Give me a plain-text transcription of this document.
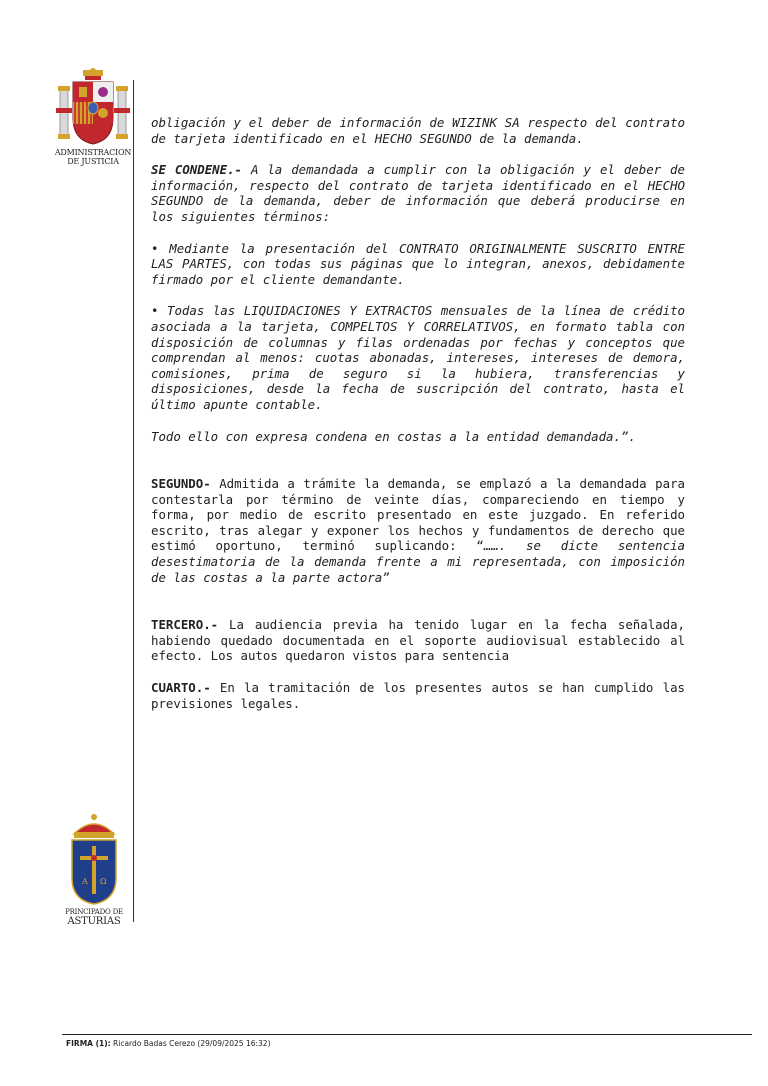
ADMINISTRACION
DE JUSTICIA

obligación y el deber de información de WIZINK SA respecto del contrato de tarjeta identificado en el HECHO SEGUNDO de la demanda.

SE CONDENE.- A la demandada a cumplir con la obligación y el deber de información, respecto del contrato de tarjeta identificado en el HECHO SEGUNDO de la demanda, deber de información que deberá producirse en los siguientes términos:

• Mediante la presentación del CONTRATO ORIGINALMENTE SUSCRITO ENTRE LAS PARTES, con todas sus páginas que lo integran, anexos, debidamente firmado por el cliente demandante.

• Todas las LIQUIDACIONES Y EXTRACTOS mensuales de la línea de crédito asociada a la tarjeta, COMPELTOS Y CORRELATIVOS, en formato tabla con disposición de columnas y filas ordenadas por fechas y conceptos que comprendan al menos: cuotas abonadas, intereses, intereses de demora, comisiones, prima de seguro si la hubiera, transferencias y disposiciones, desde la fecha de suscripción del contrato, hasta el último apunte contable.

Todo ello con expresa condena en costas a la entidad demandada.”.

SEGUNDO- Admitida a trámite la demanda, se emplazó a la demandada para contestarla por término de veinte días, compareciendo en tiempo y forma, por medio de escrito presentado en este juzgado. En referido escrito, tras alegar y exponer los hechos y fundamentos de derecho que estimó oportuno, terminó suplicando: “……. se dicte sentencia desestimatoria de la demanda frente a mi representada, con imposición de las costas a la parte actora”

TERCERO.- La audiencia previa ha tenido lugar en la fecha señalada, habiendo quedado documentada en el soporte audiovisual establecido al efecto. Los autos quedaron vistos para sentencia

CUARTO.- En la tramitación de los presentes autos se han cumplido las previsiones legales.

A Ω
PRINCIPADO DE
ASTURIAS
FIRMA (1): Ricardo Badas Cerezo (29/09/2025 16:32)
